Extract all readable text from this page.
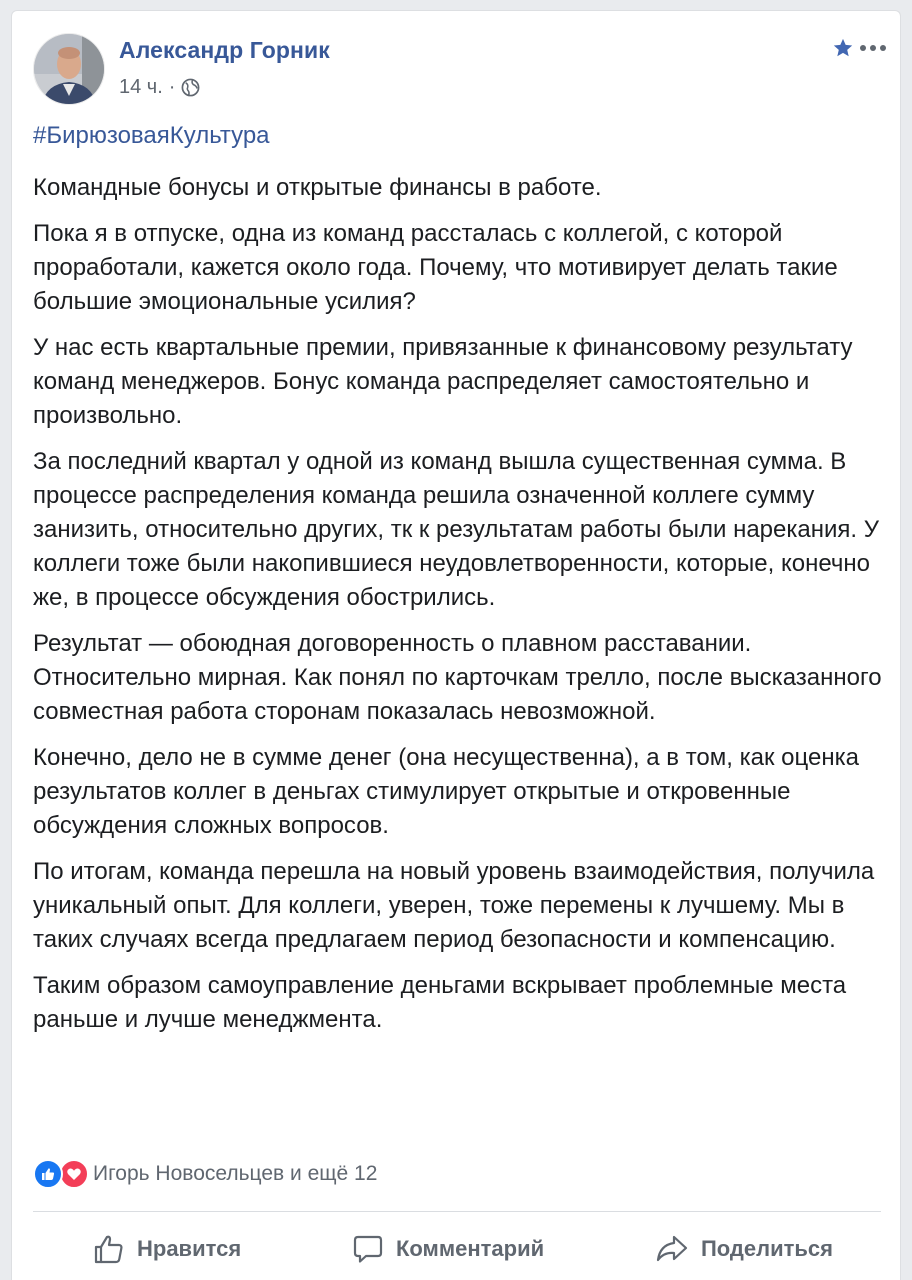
Александр Горник
14 ч. ·
#БирюзоваяКультура

Командные бонусы и открытые финансы в работе.

Пока я в отпуске, одна из команд рассталась с коллегой, с которой проработали, кажется около года. Почему, что мотивирует делать такие большие эмоциональные усилия?

У нас есть квартальные премии, привязанные к финансовому результату команд менеджеров. Бонус команда распределяет самостоятельно и произвольно.

За последний квартал у одной из команд вышла существенная сумма. В процессе распределения команда решила означенной коллеге сумму занизить, относительно других, тк к результатам работы были нарекания. У коллеги тоже были накопившиеся неудовлетворенности, которые, конечно же, в процессе обсуждения обострились.

Результат — обоюдная договоренность о плавном расставании. Относительно мирная. Как понял по карточкам трелло, после высказанного совместная работа сторонам показалась невозможной.

Конечно, дело не в сумме денег (она несущественна), а в том, как оценка результатов коллег в деньгах стимулирует открытые и откровенные обсуждения сложных вопросов.

По итогам, команда перешла на новый уровень взаимодействия, получила уникальный опыт. Для коллеги, уверен, тоже перемены к лучшему. Мы в таких случаях всегда предлагаем период безопасности и компенсацию.

Таким образом самоуправление деньгами вскрывает проблемные места раньше и лучше менеджмента.

Игорь Новосельцев и ещё 12
Нравится	Комментарий	Поделиться
